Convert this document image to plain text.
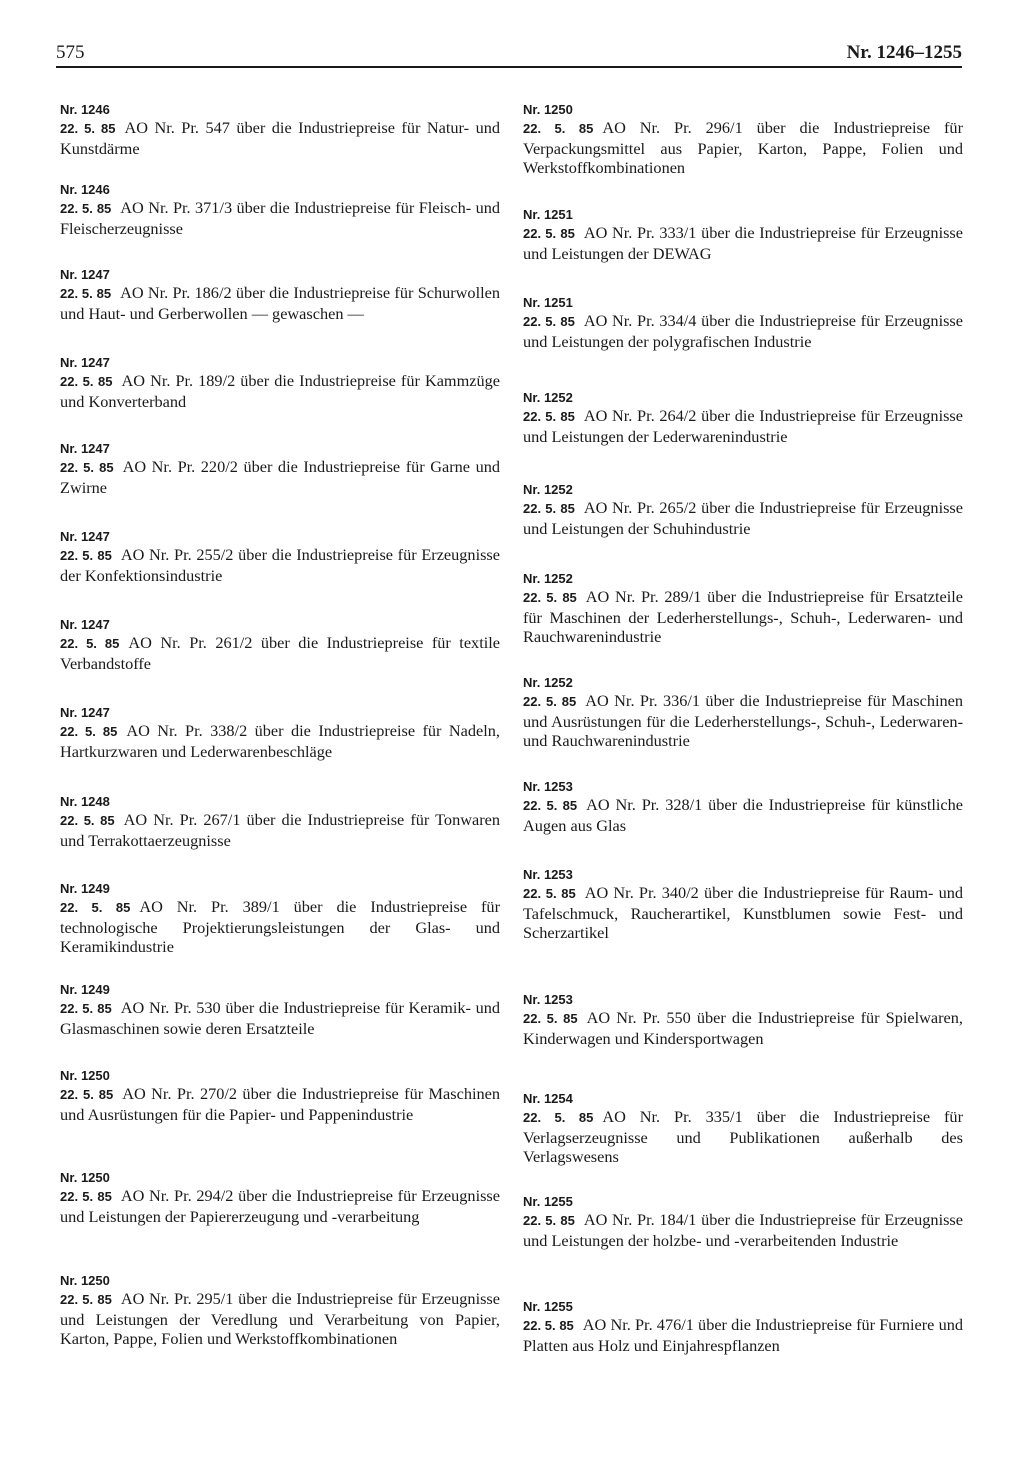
575	Nr. 1246–1255
Nr. 1246
22. 5. 85 AO Nr. Pr. 547 über die Industriepreise für Natur- und Kunstdärme
Nr. 1246
22. 5. 85 AO Nr. Pr. 371/3 über die Industriepreise für Fleisch- und Fleischerzeugnisse
Nr. 1247
22. 5. 85 AO Nr. Pr. 186/2 über die Industriepreise für Schurwollen und Haut- und Gerberwollen — gewaschen —
Nr. 1247
22. 5. 85 AO Nr. Pr. 189/2 über die Industriepreise für Kammzüge und Konverterband
Nr. 1247
22. 5. 85 AO Nr. Pr. 220/2 über die Industriepreise für Garne und Zwirne
Nr. 1247
22. 5. 85 AO Nr. Pr. 255/2 über die Industriepreise für Erzeugnisse der Konfektionsindustrie
Nr. 1247
22. 5. 85 AO Nr. Pr. 261/2 über die Industriepreise für textile Verbandstoffe
Nr. 1247
22. 5. 85 AO Nr. Pr. 338/2 über die Industriepreise für Nadeln, Hartkurzwaren und Lederwarenbeschläge
Nr. 1248
22. 5. 85 AO Nr. Pr. 267/1 über die Industriepreise für Tonwaren und Terrakottaerzeugnisse
Nr. 1249
22. 5. 85 AO Nr. Pr. 389/1 über die Industriepreise für technologische Projektierungsleistungen der Glas- und Keramikindustrie
Nr. 1249
22. 5. 85 AO Nr. Pr. 530 über die Industriepreise für Keramik- und Glasmaschinen sowie deren Ersatzteile
Nr. 1250
22. 5. 85 AO Nr. Pr. 270/2 über die Industriepreise für Maschinen und Ausrüstungen für die Papier- und Pappenindustrie
Nr. 1250
22. 5. 85 AO Nr. Pr. 294/2 über die Industriepreise für Erzeugnisse und Leistungen der Papiererzeugung und -verarbeitung
Nr. 1250
22. 5. 85 AO Nr. Pr. 295/1 über die Industriepreise für Erzeugnisse und Leistungen der Veredlung und Verarbeitung von Papier, Karton, Pappe, Folien und Werkstoffkombinationen
Nr. 1250
22. 5. 85 AO Nr. Pr. 296/1 über die Industriepreise für Verpackungsmittel aus Papier, Karton, Pappe, Folien und Werkstoffkombinationen
Nr. 1251
22. 5. 85 AO Nr. Pr. 333/1 über die Industriepreise für Erzeugnisse und Leistungen der DEWAG
Nr. 1251
22. 5. 85 AO Nr. Pr. 334/4 über die Industriepreise für Erzeugnisse und Leistungen der polygrafischen Industrie
Nr. 1252
22. 5. 85 AO Nr. Pr. 264/2 über die Industriepreise für Erzeugnisse und Leistungen der Lederwarenindustrie
Nr. 1252
22. 5. 85 AO Nr. Pr. 265/2 über die Industriepreise für Erzeugnisse und Leistungen der Schuhindustrie
Nr. 1252
22. 5. 85 AO Nr. Pr. 289/1 über die Industriepreise für Ersatzteile für Maschinen der Lederherstellungs-, Schuh-, Lederwaren- und Rauchwarenindustrie
Nr. 1252
22. 5. 85 AO Nr. Pr. 336/1 über die Industriepreise für Maschinen und Ausrüstungen für die Lederherstellungs-, Schuh-, Lederwaren- und Rauchwarenindustrie
Nr. 1253
22. 5. 85 AO Nr. Pr. 328/1 über die Industriepreise für künstliche Augen aus Glas
Nr. 1253
22. 5. 85 AO Nr. Pr. 340/2 über die Industriepreise für Raum- und Tafelschmuck, Raucherartikel, Kunstblumen sowie Fest- und Scherzartikel
Nr. 1253
22. 5. 85 AO Nr. Pr. 550 über die Industriepreise für Spielwaren, Kinderwagen und Kindersportwagen
Nr. 1254
22. 5. 85 AO Nr. Pr. 335/1 über die Industriepreise für Verlagserzeugnisse und Publikationen außerhalb des Verlagswesens
Nr. 1255
22. 5. 85 AO Nr. Pr. 184/1 über die Industriepreise für Erzeugnisse und Leistungen der holzbe- und -verarbeitenden Industrie
Nr. 1255
22. 5. 85 AO Nr. Pr. 476/1 über die Industriepreise für Furniere und Platten aus Holz und Einjahrespflanzen
